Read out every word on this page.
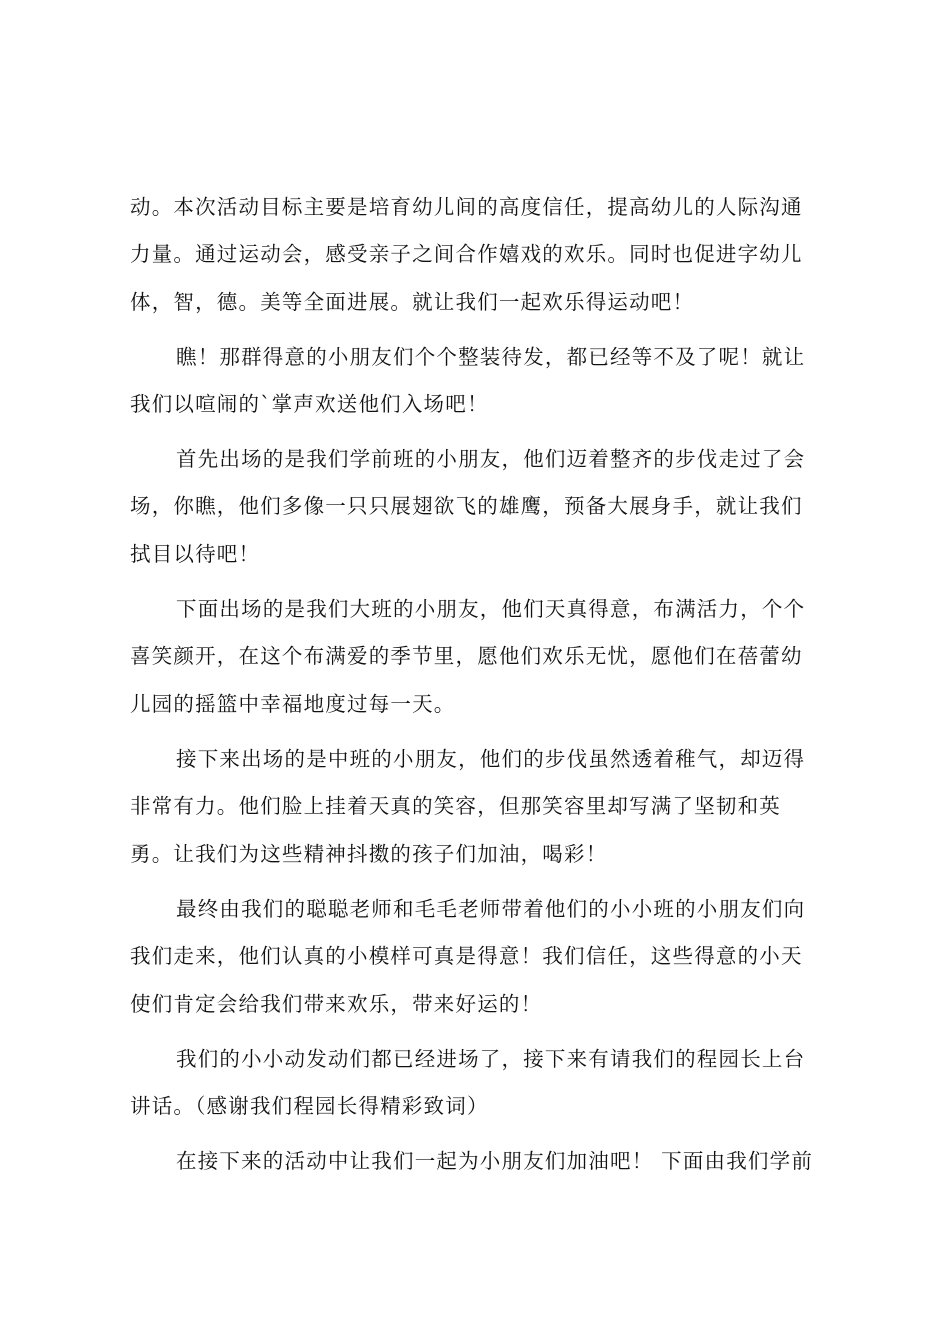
动。本次活动目标主要是培育幼儿间的高度信任，提高幼儿的人际沟通
力量。通过运动会，感受亲子之间合作嬉戏的欢乐。同时也促进字幼儿
体，智，德。美等全面进展。就让我们一起欢乐得运动吧！
瞧！那群得意的小朋友们个个整装待发，都已经等不及了呢！就让
我们以喧闹的`掌声欢送他们入场吧！
首先出场的是我们学前班的小朋友，他们迈着整齐的步伐走过了会
场，你瞧，他们多像一只只展翅欲飞的雄鹰，预备大展身手，就让我们
拭目以待吧！
下面出场的是我们大班的小朋友，他们天真得意，布满活力，个个
喜笑颜开，在这个布满爱的季节里，愿他们欢乐无忧，愿他们在蓓蕾幼
儿园的摇篮中幸福地度过每一天。
接下来出场的是中班的小朋友，他们的步伐虽然透着稚气，却迈得
非常有力。他们脸上挂着天真的笑容，但那笑容里却写满了坚韧和英
勇。让我们为这些精神抖擞的孩子们加油，喝彩！
最终由我们的聪聪老师和毛毛老师带着他们的小小班的小朋友们向
我们走来，他们认真的小模样可真是得意！我们信任，这些得意的小天
使们肯定会给我们带来欢乐，带来好运的！
我们的小小动发动们都已经进场了，接下来有请我们的程园长上台
讲话。（感谢我们程园长得精彩致词）
在接下来的活动中让我们一起为小朋友们加油吧！ 下面由我们学前
